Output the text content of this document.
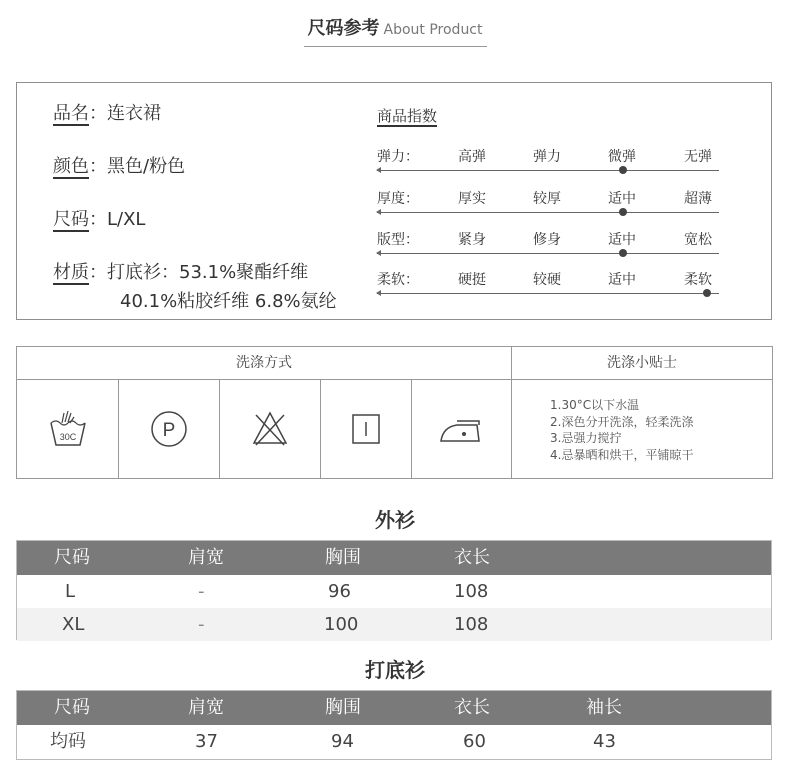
尺码参考 About Product
品名：连衣裙
颜色：黑色/粉色
尺码：L/XL
材质：打底衫：53.1%聚酯纤维
40.1%粘胶纤维 6.8%氨纶
商品指数
弹力：	高弹	弹力	微弹	无弹
厚度：	厚实	较厚	适中	超薄
版型：	紧身	修身	适中	宽松
柔软：	硬挺	较硬	适中	柔软
洗涤方式	洗涤小贴士
30C	P
1.30°C以下水温
2.深色分开洗涤，轻柔洗涤
3.忌强力搅拧
4.忌暴晒和烘干，平铺晾干
外衫
尺码	肩宽	胸围	衣长
L	-	96	108
XL	-	100	108
打底衫
尺码	肩宽	胸围	衣长	袖长
均码	37	94	60	43
